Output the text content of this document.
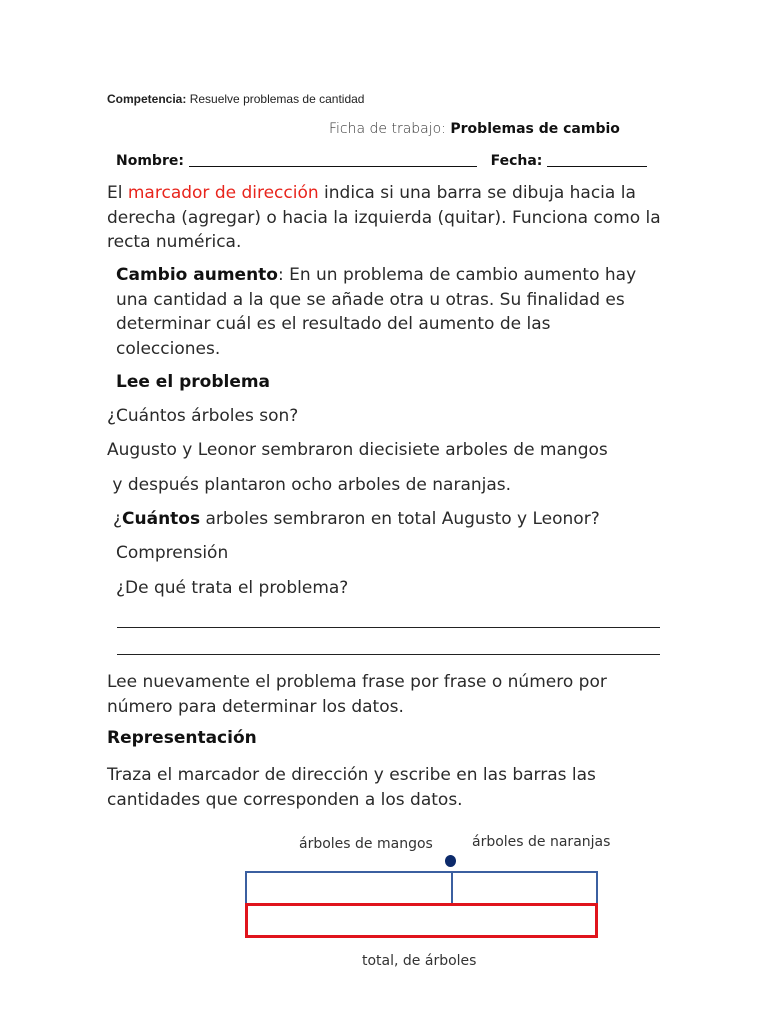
Competencia: Resuelve problemas de cantidad
Ficha de trabajo: Problemas de cambio
Nombre:	Fecha:
El marcador de dirección indica si una barra se dibuja hacia la derecha (agregar) o hacia la izquierda (quitar). Funciona como la recta numérica.
Cambio aumento: En un problema de cambio aumento hay una cantidad a la que se añade otra u otras. Su finalidad es determinar cuál es el resultado del aumento de las colecciones.
Lee el problema
¿Cuántos árboles son?
Augusto y Leonor sembraron diecisiete arboles de mangos
y después plantaron ocho arboles de naranjas.
¿Cuántos arboles sembraron en total Augusto y Leonor?
Comprensión
¿De qué trata el problema?
Lee nuevamente el problema frase por frase o número por número para determinar los datos.
Representación
Traza el marcador de dirección y escribe en las barras las cantidades que corresponden a los datos.
árboles de mangos	árboles de naranjas
total, de árboles
